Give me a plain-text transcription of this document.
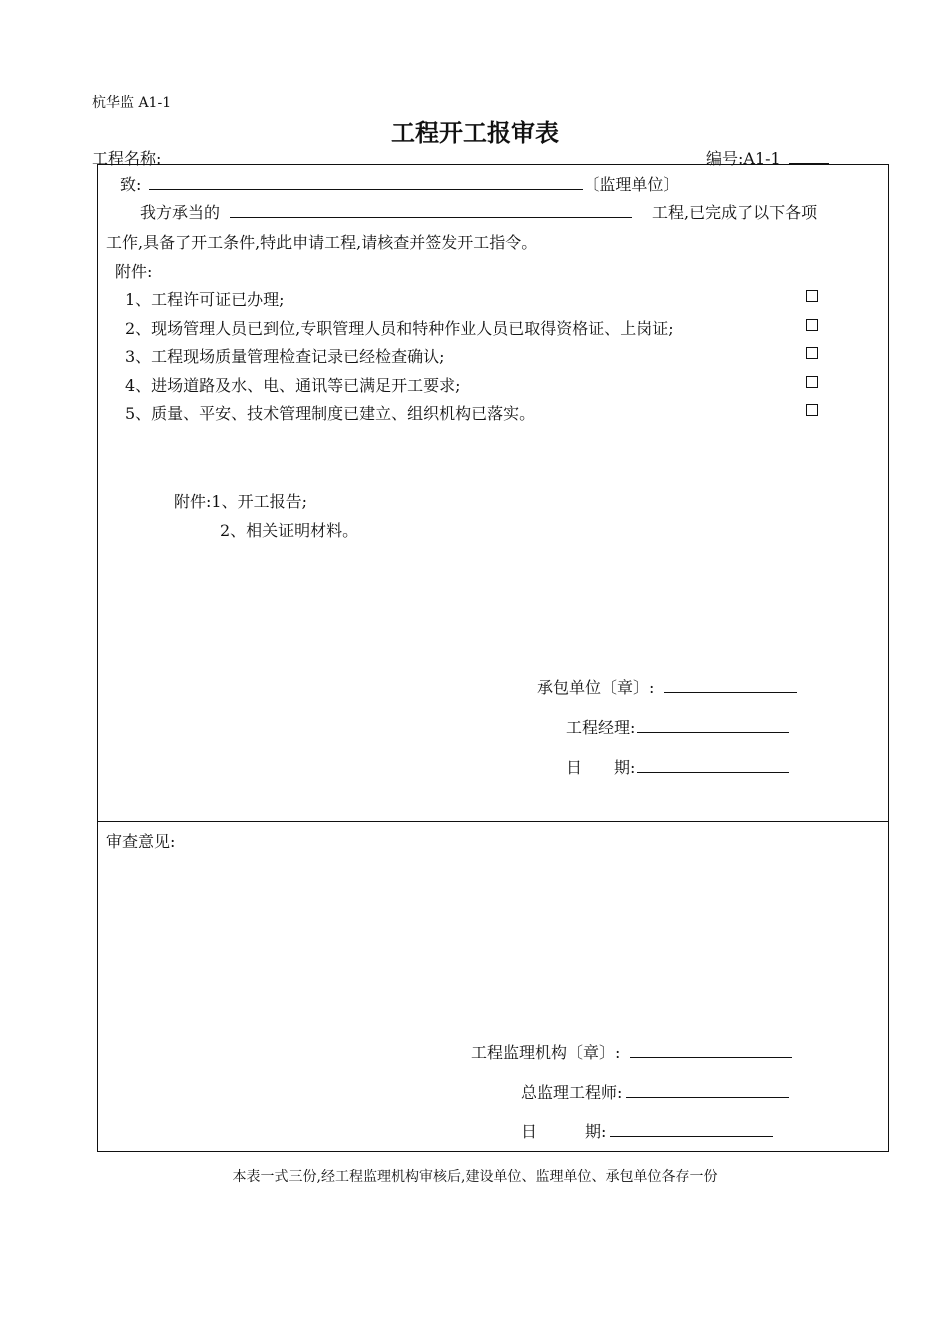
杭华监 A1-1
工程开工报审表
工程名称:	编号:A1-1
致:	〔监理单位〕
我方承当的	工程,已完成了以下各项
工作,具备了开工条件,特此申请工程,请核查并签发开工指令。
附件:
1、工程许可证已办理;
2、现场管理人员已到位,专职管理人员和特种作业人员已取得资格证、上岗证;
3、工程现场质量管理检查记录已经检查确认;
4、进场道路及水、电、通讯等已满足开工要求;
5、质量、平安、技术管理制度已建立、组织机构已落实。
附件:1、开工报告;
2、相关证明材料。
承包单位〔章〕:
工程经理:
日　　期:
审查意见:
工程监理机构〔章〕:
总监理工程师:
日　　　期:
本表一式三份,经工程监理机构审核后,建设单位、监理单位、承包单位各存一份
